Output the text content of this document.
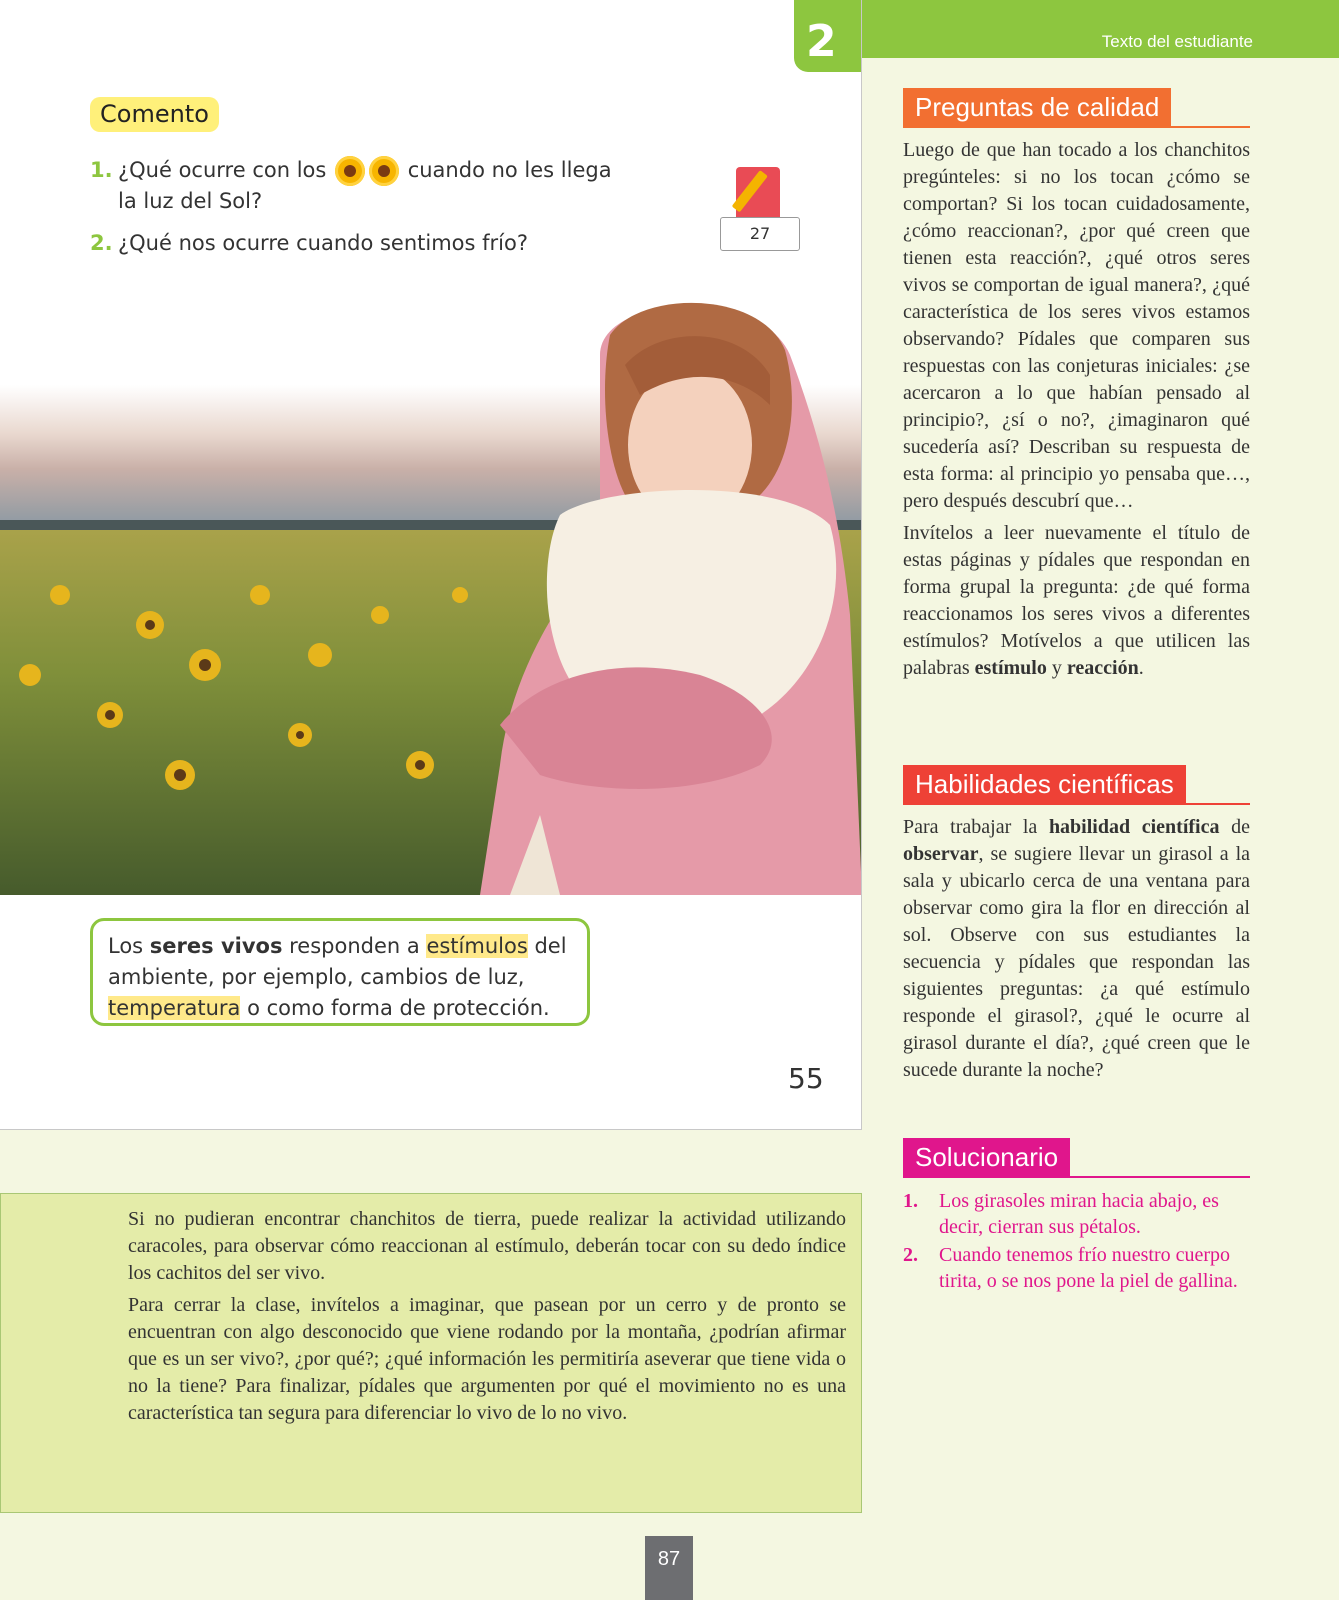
Texto del estudiante
2
Comento
1. ¿Qué ocurre con los	cuando no les llega
la luz del Sol?
2. ¿Qué nos ocurre cuando sentimos frío?	27
Los seres vivos responden a estímulos del ambiente, por ejemplo, cambios de luz, temperatura o como forma de protección.
55
Preguntas de calidad

Luego de que han tocado a los chanchitos pregúnteles: si no los tocan ¿cómo se comportan? Si los tocan cuidadosamente, ¿cómo reaccionan?, ¿por qué creen que tienen esta reacción?, ¿qué otros seres vivos se comportan de igual manera?, ¿qué característica de los seres vivos estamos observando? Pídales que comparen sus respuestas con las conjeturas iniciales: ¿se acercaron a lo que habían pensado al principio?, ¿sí o no?, ¿imaginaron qué sucedería así? Describan su respuesta de esta forma: al principio yo pensaba que…, pero después descubrí que…

Invítelos a leer nuevamente el título de estas páginas y pídales que respondan en forma grupal la pregunta: ¿de qué forma reaccionamos los seres vivos a diferentes estímulos? Motívelos a que utilicen las palabras estímulo y reacción.

Habilidades científicas

Para trabajar la habilidad científica de observar, se sugiere llevar un girasol a la sala y ubicarlo cerca de una ventana para observar como gira la flor en dirección al sol. Observe con sus estudiantes la secuencia y pídales que respondan las siguientes preguntas: ¿a qué estímulo responde el girasol?, ¿qué le ocurre al girasol durante el día?, ¿qué creen que le sucede durante la noche?

Solucionario
1.	Los girasoles miran hacia abajo, es decir, cierran sus pétalos.
2.	Cuando tenemos frío nuestro cuerpo tirita, o se nos pone la piel de gallina.

Si no pudieran encontrar chanchitos de tierra, puede realizar la actividad utilizando caracoles, para observar cómo reaccionan al estímulo, deberán tocar con su dedo índice los cachitos del ser vivo.

Para cerrar la clase, invítelos a imaginar, que pasean por un cerro y de pronto se encuentran con algo desconocido que viene rodando por la montaña, ¿podrían afirmar que es un ser vivo?, ¿por qué?; ¿qué información les permitiría aseverar que tiene vida o no la tiene? Para finalizar, pídales que argumenten por qué el movimiento no es una característica tan segura para diferenciar lo vivo de lo no vivo.

87
